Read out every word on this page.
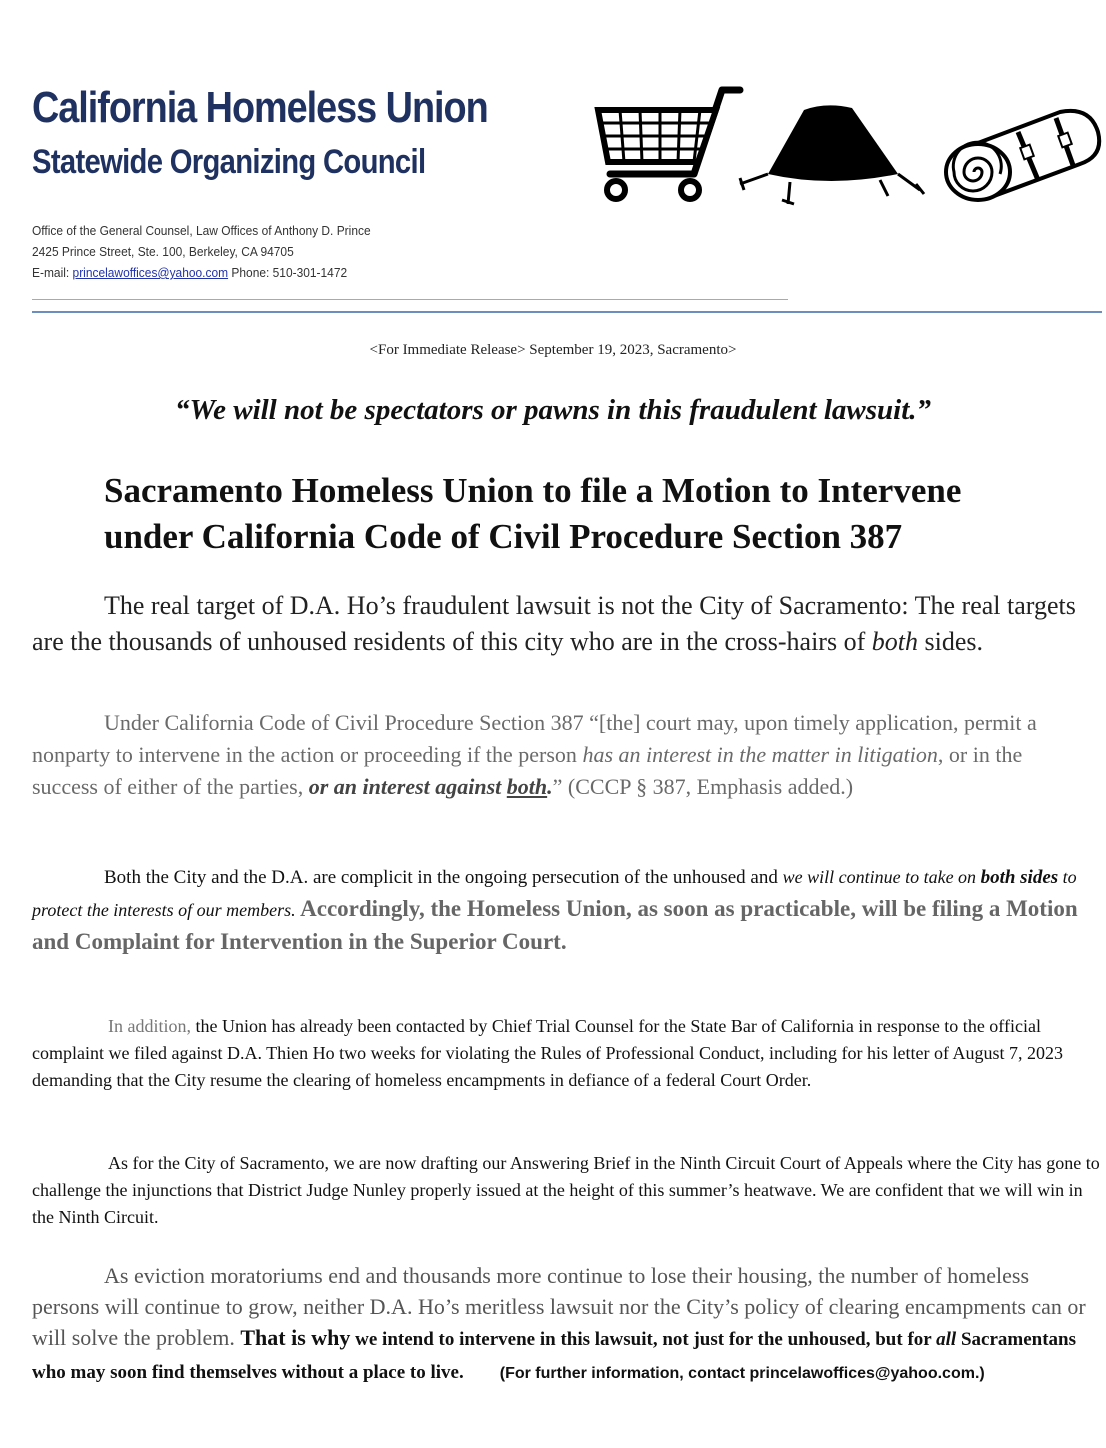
California Homeless Union
Statewide Organizing Council
Office of the General Counsel, Law Offices of Anthony D. Prince
2425 Prince Street, Ste. 100, Berkeley, CA 94705
E-mail: princelawoffices@yahoo.com Phone: 510-301-1472
<For Immediate Release> September 19, 2023, Sacramento>
“We will not be spectators or pawns in this fraudulent lawsuit.”
Sacramento Homeless Union to file a Motion to Intervene
under California Code of Civil Procedure Section 387
The real target of D.A. Ho’s fraudulent lawsuit is not the City of Sacramento: The real targets are the thousands of unhoused residents of this city who are in the cross-hairs of both sides.
Under California Code of Civil Procedure Section 387 “[the] court may, upon timely application, permit a nonparty to intervene in the action or proceeding if the person has an interest in the matter in litigation, or in the success of either of the parties, or an interest against both.” (CCCP § 387, Emphasis added.)
Both the City and the D.A. are complicit in the ongoing persecution of the unhoused and we will continue to take on both sides to protect the interests of our members. Accordingly, the Homeless Union, as soon as practicable, will be filing a Motion and Complaint for Intervention in the Superior Court.
In addition, the Union has already been contacted by Chief Trial Counsel for the State Bar of California in response to the official complaint we filed against D.A. Thien Ho two weeks for violating the Rules of Professional Conduct, including for his letter of August 7, 2023 demanding that the City resume the clearing of homeless encampments in defiance of a federal Court Order.
As for the City of Sacramento, we are now drafting our Answering Brief in the Ninth Circuit Court of Appeals where the City has gone to challenge the injunctions that District Judge Nunley properly issued at the height of this summer’s heatwave. We are confident that we will win in the Ninth Circuit.
As eviction moratoriums end and thousands more continue to lose their housing, the number of homeless persons will continue to grow, neither D.A. Ho’s meritless lawsuit nor the City’s policy of clearing encampments can or will solve the problem. That is why we intend to intervene in this lawsuit, not just for the unhoused, but for all Sacramentans who may soon find themselves without a place to live. (For further information, contact princelawoffices@yahoo.com.)
